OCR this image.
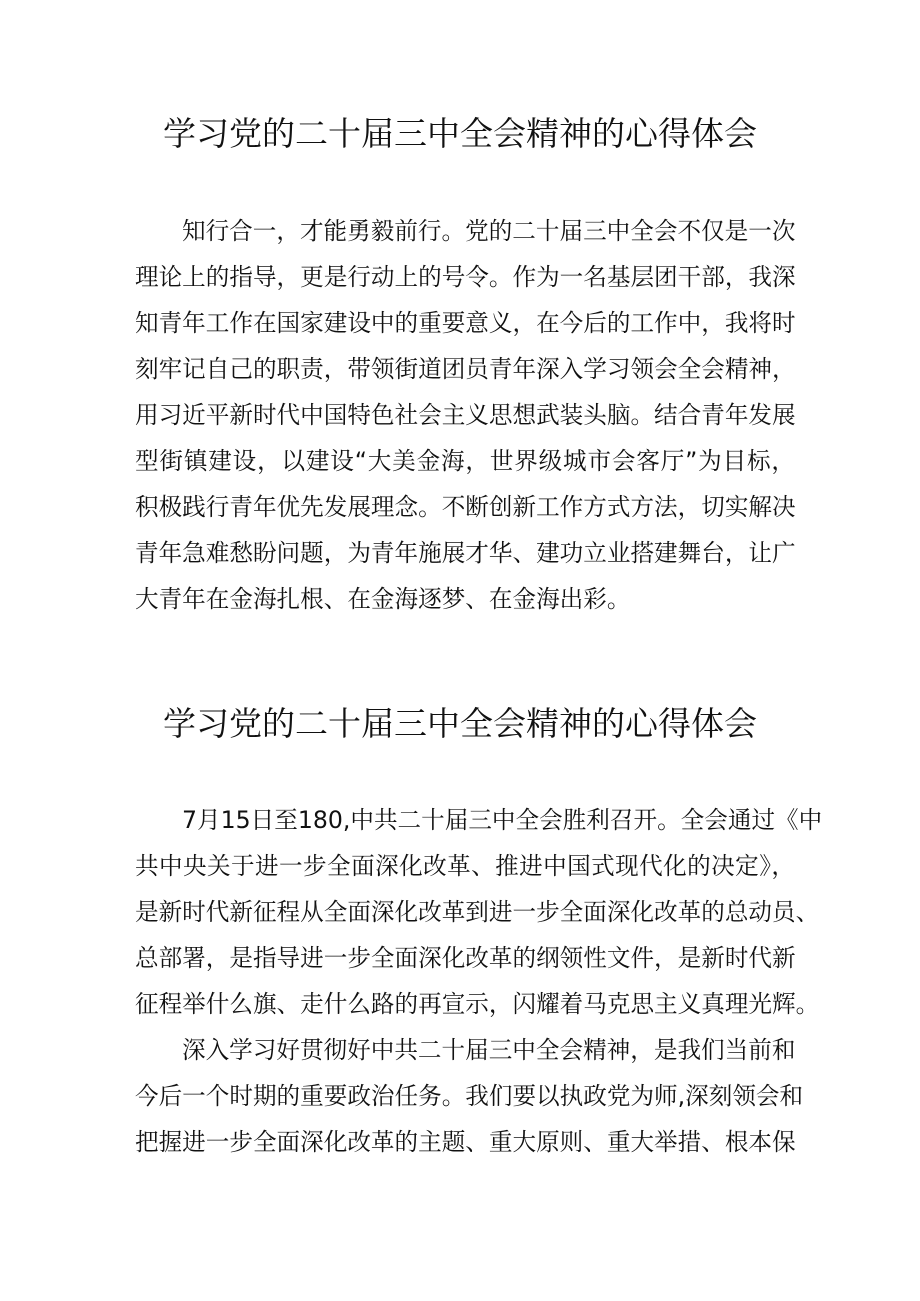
学习党的二十届三中全会精神的心得体会
知行合一，才能勇毅前行。党的二十届三中全会不仅是一次
理论上的指导，更是行动上的号令。作为一名基层团干部，我深
知青年工作在国家建设中的重要意义，在今后的工作中，我将时
刻牢记自己的职责，带领街道团员青年深入学习领会全会精神，
用习近平新时代中国特色社会主义思想武装头脑。结合青年发展
型街镇建设，以建设“大美金海，世界级城市会客厅”为目标，
积极践行青年优先发展理念。不断创新工作方式方法，切实解决
青年急难愁盼问题，为青年施展才华、建功立业搭建舞台，让广
大青年在金海扎根、在金海逐梦、在金海出彩。
学习党的二十届三中全会精神的心得体会
7月15日至180,中共二十届三中全会胜利召开。全会通过《中
共中央关于进一步全面深化改革、推进中国式现代化的决定》，
是新时代新征程从全面深化改革到进一步全面深化改革的总动员、
总部署，是指导进一步全面深化改革的纲领性文件，是新时代新
征程举什么旗、走什么路的再宣示，闪耀着马克思主义真理光辉。
深入学习好贯彻好中共二十届三中全会精神，是我们当前和
今后一个时期的重要政治任务。我们要以执政党为师,深刻领会和
把握进一步全面深化改革的主题、重大原则、重大举措、根本保
